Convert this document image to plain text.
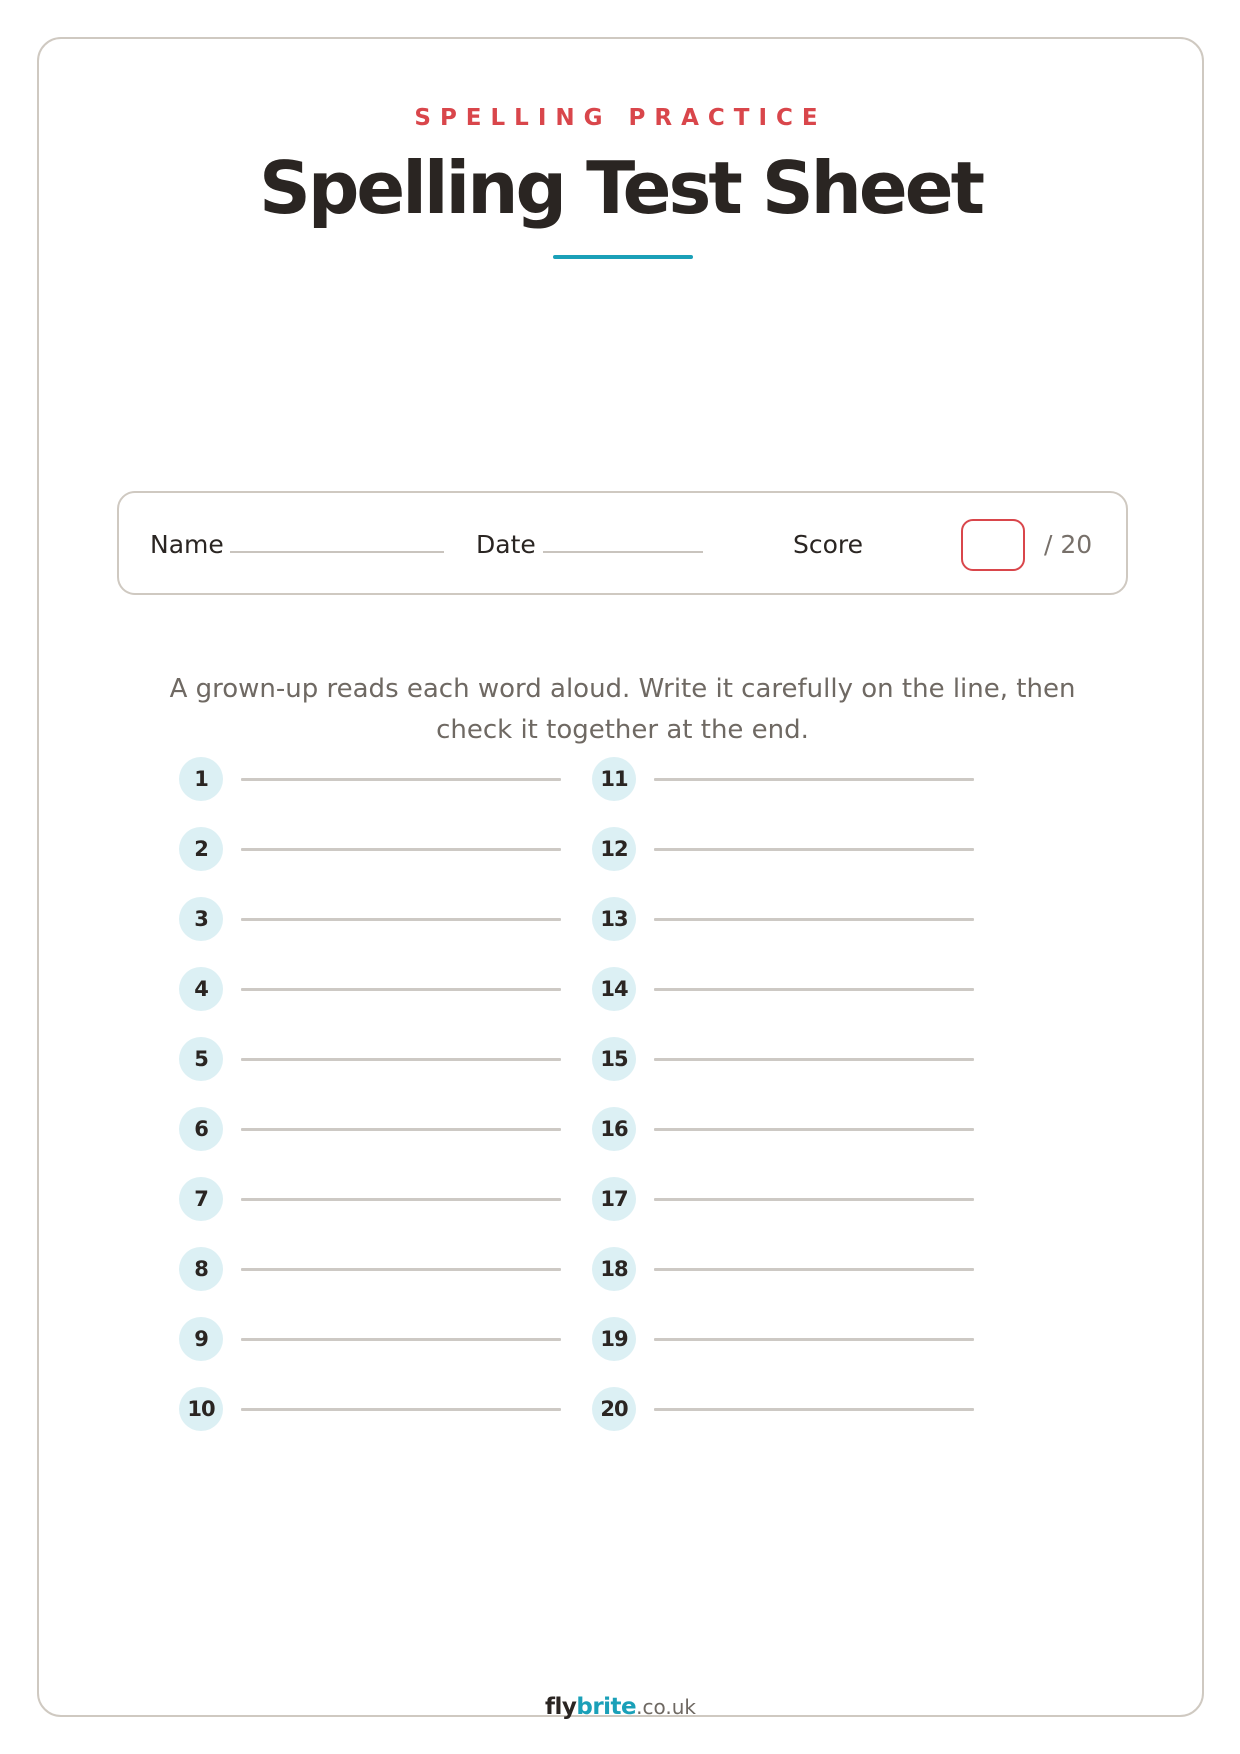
SPELLING PRACTICE
Spelling Test Sheet
Name	Date	Score	/ 20
A grown-up reads each word aloud. Write it carefully on the line, then check it together at the end.
1
2
3
4
5
6
7
8
9
10
11
12
13
14
15
16
17
18
19
20
flybrite.co.uk
